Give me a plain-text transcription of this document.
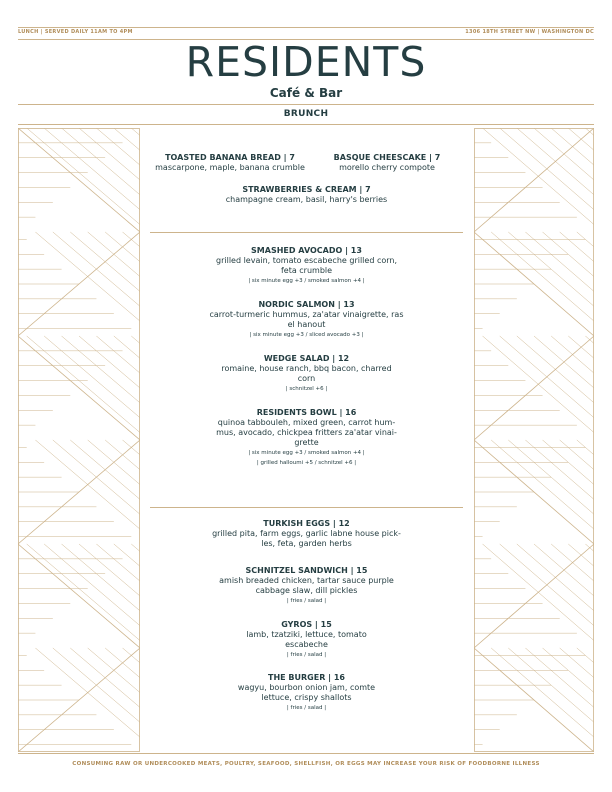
LUNCH | SERVED DAILY 11AM TO 4PM	1306 18TH STREET NW | WASHINGTON DC
RESIDENTS
Café & Bar
BRUNCH
TOASTED BANANA BREAD | 7
mascarpone, maple, banana crumble
BASQUE CHEESCAKE | 7
morello cherry compote
STRAWBERRIES & CREAM | 7
champagne cream, basil, harry's berries
SMASHED AVOCADO | 13
grilled levain, tomato escabeche grilled corn,
feta crumble
| six minute egg +3 / smoked salmon +4 |
NORDIC SALMON | 13
carrot-turmeric hummus, za'atar vinaigrette, ras
el hanout
| six minute egg +3 / sliced avocado +3 |
WEDGE SALAD | 12
romaine, house ranch, bbq bacon, charred
corn
| schnitzel +6 |
RESIDENTS BOWL | 16
quinoa tabbouleh, mixed green, carrot hum-
mus, avocado, chickpea fritters za'atar vinai-
grette
| six minute egg +3 / smoked salmon +4 |
| grilled halloumi +5 / schnitzel +6 |
TURKISH EGGS | 12
grilled pita, farm eggs, garlic labne house pick-
les, feta, garden herbs
SCHNITZEL SANDWICH | 15
amish breaded chicken, tartar sauce purple
cabbage slaw, dill pickles
| fries / salad |
GYROS | 15
lamb, tzatziki, lettuce, tomato
escabeche
| fries / salad |
THE BURGER | 16
wagyu, bourbon onion jam, comte
lettuce, crispy shallots
| fries / salad |
CONSUMING RAW OR UNDERCOOKED MEATS, POULTRY, SEAFOOD, SHELLFISH, OR EGGS MAY INCREASE YOUR RISK OF FOODBORNE ILLNESS
